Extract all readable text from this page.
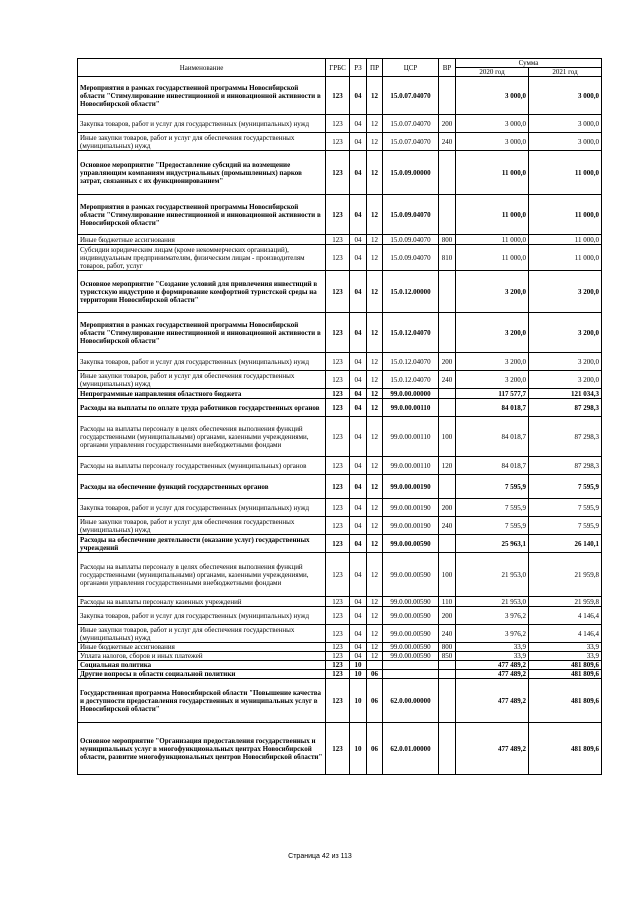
Наименование	ГРБС	РЗ	ПР	ЦСР	ВР	Сумма	
						2020 год	2021 год
Мероприятия в рамках государственной программы Новосибирской области "Стимулирование инвестиционной и инновационной активности в Новосибирской области"	123	04	12	15.0.07.04070		3 000,0	3 000,0
Закупка товаров, работ и услуг для государственных (муниципальных) нужд	123	04	12	15.0.07.04070	200	3 000,0	3 000,0
Иные закупки товаров, работ и услуг для обеспечения государственных (муниципальных) нужд	123	04	12	15.0.07.04070	240	3 000,0	3 000,0
Основное мероприятие "Предоставление субсидий на возмещение управляющим компаниям индустриальных (промышленных) парков затрат, связанных с их функционированием"	123	04	12	15.0.09.00000		11 000,0	11 000,0
Мероприятия в рамках государственной программы Новосибирской области "Стимулирование инвестиционной и инновационной активности в Новосибирской области"	123	04	12	15.0.09.04070		11 000,0	11 000,0
Иные бюджетные ассигнования	123	04	12	15.0.09.04070	800	11 000,0	11 000,0
Субсидии юридическим лицам (кроме некоммерческих организаций), индивидуальным предпринимателям, физическим лицам - производителям товаров, работ, услуг	123	04	12	15.0.09.04070	810	11 000,0	11 000,0
Основное мероприятие "Создание условий для привлечения инвестиций в туристскую индустрию и формирование комфортной туристской среды на территории Новосибирской области"	123	04	12	15.0.12.00000		3 200,0	3 200,0
Мероприятия в рамках государственной программы Новосибирской области "Стимулирование инвестиционной и инновационной активности в Новосибирской области"	123	04	12	15.0.12.04070		3 200,0	3 200,0
Закупка товаров, работ и услуг для государственных (муниципальных) нужд	123	04	12	15.0.12.04070	200	3 200,0	3 200,0
Иные закупки товаров, работ и услуг для обеспечения государственных (муниципальных) нужд	123	04	12	15.0.12.04070	240	3 200,0	3 200,0
Непрограммные направления областного бюджета	123	04	12	99.0.00.00000		117 577,7	121 034,3
Расходы на выплаты по оплате труда работников государственных органов	123	04	12	99.0.00.00110		84 018,7	87 298,3
Расходы на выплаты персоналу в целях обеспечения выполнения функций государственными (муниципальными) органами, казенными учреждениями, органами управления государственными внебюджетными фондами	123	04	12	99.0.00.00110	100	84 018,7	87 298,3
Расходы на выплаты персоналу государственных (муниципальных) органов	123	04	12	99.0.00.00110	120	84 018,7	87 298,3
Расходы на обеспечение функций государственных органов	123	04	12	99.0.00.00190		7 595,9	7 595,9
Закупка товаров, работ и услуг для государственных (муниципальных) нужд	123	04	12	99.0.00.00190	200	7 595,9	7 595,9
Иные закупки товаров, работ и услуг для обеспечения государственных (муниципальных) нужд	123	04	12	99.0.00.00190	240	7 595,9	7 595,9
Расходы на обеспечение деятельности (оказание услуг) государственных учреждений	123	04	12	99.0.00.00590		25 963,1	26 140,1
Расходы на выплаты персоналу в целях обеспечения выполнения функций государственными (муниципальными) органами, казенными учреждениями, органами управления государственными внебюджетными фондами	123	04	12	99.0.00.00590	100	21 953,0	21 959,8
Расходы на выплаты персоналу казенных учреждений	123	04	12	99.0.00.00590	110	21 953,0	21 959,8
Закупка товаров, работ и услуг для государственных (муниципальных) нужд	123	04	12	99.0.00.00590	200	3 976,2	4 146,4
Иные закупки товаров, работ и услуг для обеспечения государственных (муниципальных) нужд	123	04	12	99.0.00.00590	240	3 976,2	4 146,4
Иные бюджетные ассигнования	123	04	12	99.0.00.00590	800	33,9	33,9
Уплата налогов, сборов и иных платежей	123	04	12	99.0.00.00590	850	33,9	33,9
Социальная политика	123	10				477 489,2	481 809,6
Другие вопросы в области социальной политики	123	10	06			477 489,2	481 809,6
Государственная программа Новосибирской области "Повышение качества и доступности предоставления государственных и муниципальных услуг в Новосибирской области"	123	10	06	62.0.00.00000		477 489,2	481 809,6
Основное мероприятие "Организация предоставления государственных и муниципальных услуг в многофункциональных центрах Новосибирской области, развитие многофункциональных центров Новосибирской области"	123	10	06	62.0.01.00000		477 489,2	481 809,6
Страница 42 из 113
